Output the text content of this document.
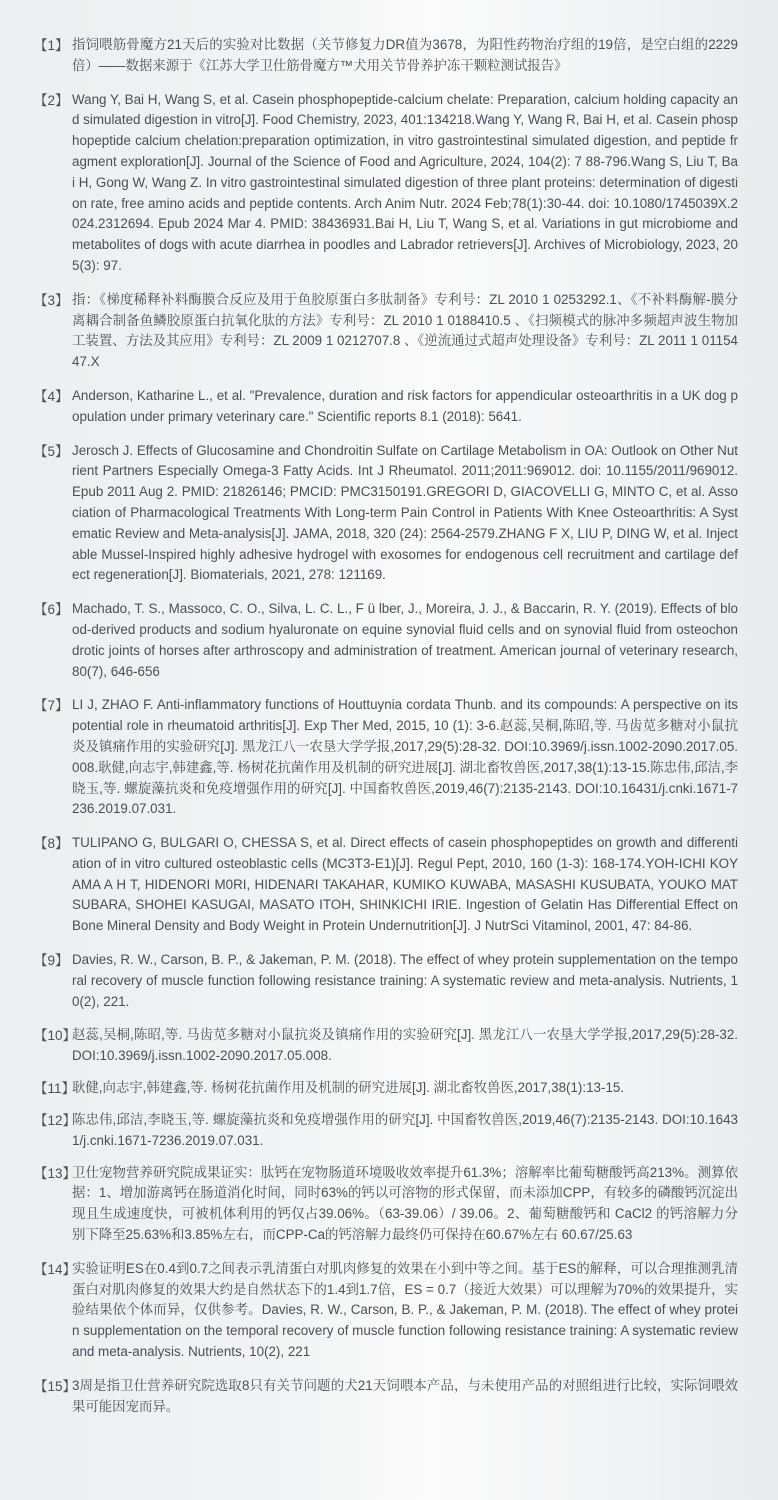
【1】 指饲喂筋骨魔方21天后的实验对比数据（关节修复力DR值为3678，为阳性药物治疗组的19倍，是空白组的2229倍）——数据来源于《江苏大学卫仕筋骨魔方™犬用关节骨养护冻干颗粒测试报告》
【2】 Wang Y, Bai H, Wang S, et al. Casein phosphopeptide-calcium chelate: Preparation, calcium holding capacity and simulated digestion in vitro[J]. Food Chemistry, 2023, 401:134218.Wang Y, Wang R, Bai H, et al. Casein phosphopeptide calcium chelation:preparation optimization, in vitro gastrointestinal simulated digestion, and peptide fragment exploration[J]. Journal of the Science of Food and Agriculture, 2024, 104(2): 7 88-796.Wang S, Liu T, Bai H, Gong W, Wang Z. In vitro gastrointestinal simulated digestion of three plant proteins: determination of digestion rate, free amino acids and peptide contents. Arch Anim Nutr. 2024 Feb;78(1):30-44. doi: 10.1080/1745039X.2024.2312694. Epub 2024 Mar 4. PMID: 38436931.Bai H, Liu T, Wang S, et al. Variations in gut microbiome and metabolites of dogs with acute diarrhea in poodles and Labrador retrievers[J]. Archives of Microbiology, 2023, 205(3): 97.
【3】 指：《梯度稀释补料酶膜合反应及用于鱼胶原蛋白多肽制备》专利号：ZL 2010 1 0253292.1、《不补料酶解-膜分离耦合制备鱼鳞胶原蛋白抗氧化肽的方法》专利号：ZL 2010 1 0188410.5 、《扫频模式的脉冲多频超声波生物加工装置、方法及其应用》专利号：ZL 2009 1 0212707.8 、《逆流通过式超声处理设备》专利号：ZL 2011 1 0115447.X
【4】 Anderson, Katharine L., et al. "Prevalence, duration and risk factors for appendicular osteoarthritis in a UK dog population under primary veterinary care." Scientific reports 8.1 (2018): 5641.
【5】 Jerosch J. Effects of Glucosamine and Chondroitin Sulfate on Cartilage Metabolism in OA: Outlook on Other Nutrient Partners Especially Omega-3 Fatty Acids. Int J Rheumatol. 2011;2011:969012. doi: 10.1155/2011/969012. Epub 2011 Aug 2. PMID: 21826146; PMCID: PMC3150191.GREGORI D, GIACOVELLI G, MINTO C, et al. Association of Pharmacological Treatments With Long-term Pain Control in Patients With Knee Osteoarthritis: A Systematic Review and Meta-analysis[J]. JAMA, 2018, 320 (24): 2564-2579.ZHANG F X, LIU P, DING W, et al. Injectable Mussel-Inspired highly adhesive hydrogel with exosomes for endogenous cell recruitment and cartilage defect regeneration[J]. Biomaterials, 2021, 278: 121169.
【6】 Machado, T. S., Massoco, C. O., Silva, L. C. L., F ü lber, J., Moreira, J. J., & Baccarin, R. Y. (2019). Effects of blood-derived products and sodium hyaluronate on equine synovial fluid cells and on synovial fluid from osteochondrotic joints of horses after arthroscopy and administration of treatment. American journal of veterinary research, 80(7), 646-656
【7】 LI J, ZHAO F. Anti-inflammatory functions of Houttuynia cordata Thunb. and its compounds: A perspective on its potential role in rheumatoid arthritis[J]. Exp Ther Med, 2015, 10 (1): 3-6.赵蕊,吴桐,陈昭,等. 马齿苋多糖对小鼠抗炎及镇痛作用的实验研究[J]. 黑龙江八一农垦大学学报,2017,29(5):28-32. DOI:10.3969/j.issn.1002-2090.2017.05.008.耿健,向志宇,韩建鑫,等. 杨树花抗菌作用及机制的研究进展[J]. 湖北畜牧兽医,2017,38(1):13-15.陈忠伟,邱洁,李晓玉,等. 螺旋藻抗炎和免疫增强作用的研究[J]. 中国畜牧兽医,2019,46(7):2135-2143. DOI:10.16431/j.cnki.1671-7236.2019.07.031.
【8】 TULIPANO G, BULGARI O, CHESSA S, et al. Direct effects of casein phosphopeptides on growth and differentiation of in vitro cultured osteoblastic cells (MC3T3-E1)[J]. Regul Pept, 2010, 160 (1-3): 168-174.YOH-ICHI KOYAMA A H T, HIDENORI M0RI, HIDENARI TAKAHAR, KUMIKO KUWABA, MASASHI KUSUBATA, YOUKO MATSUBARA, SHOHEI KASUGAI, MASATO ITOH, SHINKICHI IRIE. Ingestion of Gelatin Has Differential Effect on Bone Mineral Density and Body Weight in Protein Undernutrition[J]. J NutrSci Vitaminol, 2001, 47: 84-86.
【9】 Davies, R. W., Carson, B. P., & Jakeman, P. M. (2018). The effect of whey protein supplementation on the temporal recovery of muscle function following resistance training: A systematic review and meta-analysis. Nutrients, 10(2), 221.
【10】
赵蕊,吴桐,陈昭,等. 马齿苋多糖对小鼠抗炎及镇痛作用的实验研究[J]. 黑龙江八一农垦大学学报,2017,29(5):28-32. DOI:10.3969/j.issn.1002-2090.2017.05.008.
【11】
耿健,向志宇,韩建鑫,等. 杨树花抗菌作用及机制的研究进展[J]. 湖北畜牧兽医,2017,38(1):13-15.
【12】
陈忠伟,邱洁,李晓玉,等. 螺旋藻抗炎和免疫增强作用的研究[J]. 中国畜牧兽医,2019,46(7):2135-2143. DOI:10.16431/j.cnki.1671-7236.2019.07.031.
【13】
卫仕宠物营养研究院成果证实：肽钙在宠物肠道环境吸收效率提升61.3%；溶解率比葡萄糖酸钙高213%。测算依据：1、增加游离钙在肠道消化时间，同时63%的钙以可溶物的形式保留，而未添加CPP，有较多的磷酸钙沉淀出现且生成速度快，可被机体利用的钙仅占39.06%。（63-39.06）/ 39.06。2、葡萄糖酸钙和 CaCl2 的钙溶解力分别下降至25.63%和3.85%左右，而CPP-Ca的钙溶解力最终仍可保持在60.67%左右 60.67/25.63
【14】
实验证明ES在0.4到0.7之间表示乳清蛋白对肌肉修复的效果在小到中等之间。基于ES的解释，可以合理推测乳清蛋白对肌肉修复的效果大约是自然状态下的1.4到1.7倍，ES = 0.7（接近大效果）可以理解为70%的效果提升，实验结果依个体而异，仅供参考。Davies, R. W., Carson, B. P., & Jakeman, P. M. (2018). The effect of whey protein supplementation on the temporal recovery of muscle function following resistance training: A systematic review and meta-analysis. Nutrients, 10(2), 221
【15】
3周是指卫仕营养研究院选取8只有关节问题的犬21天饲喂本产品，与未使用产品的对照组进行比较，实际饲喂效果可能因宠而异。
